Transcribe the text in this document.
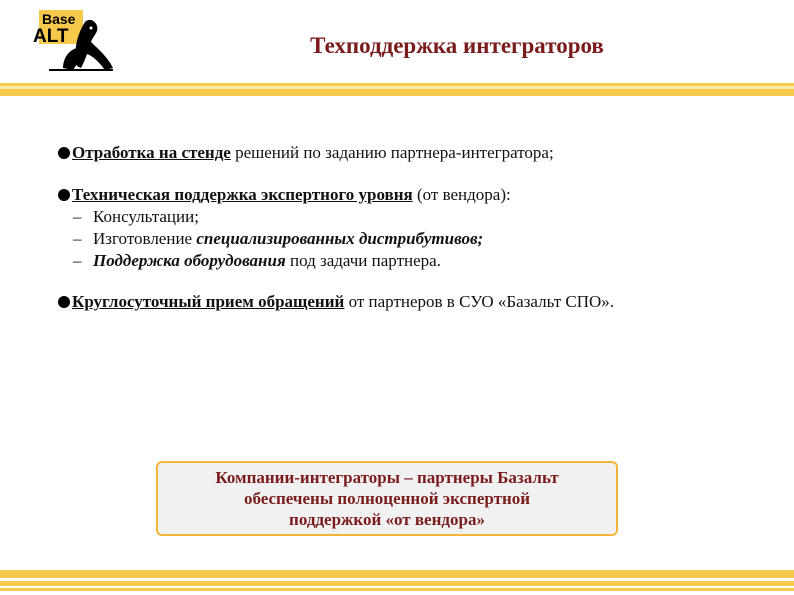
Base
ALT	Техподдержка интеграторов
Отработка на стенде решений по заданию партнера-интегратора;
Техническая поддержка экспертного уровня (от вендора):
– Консультации;
– Изготовление специализированных дистрибутивов;
– Поддержка оборудования под задачи партнера.
Круглосуточный прием обращений от партнеров в СУО «Базальт СПО».
Компании-интеграторы – партнеры Базальт
обеспечены полноценной экспертной
поддержкой «от вендора»
